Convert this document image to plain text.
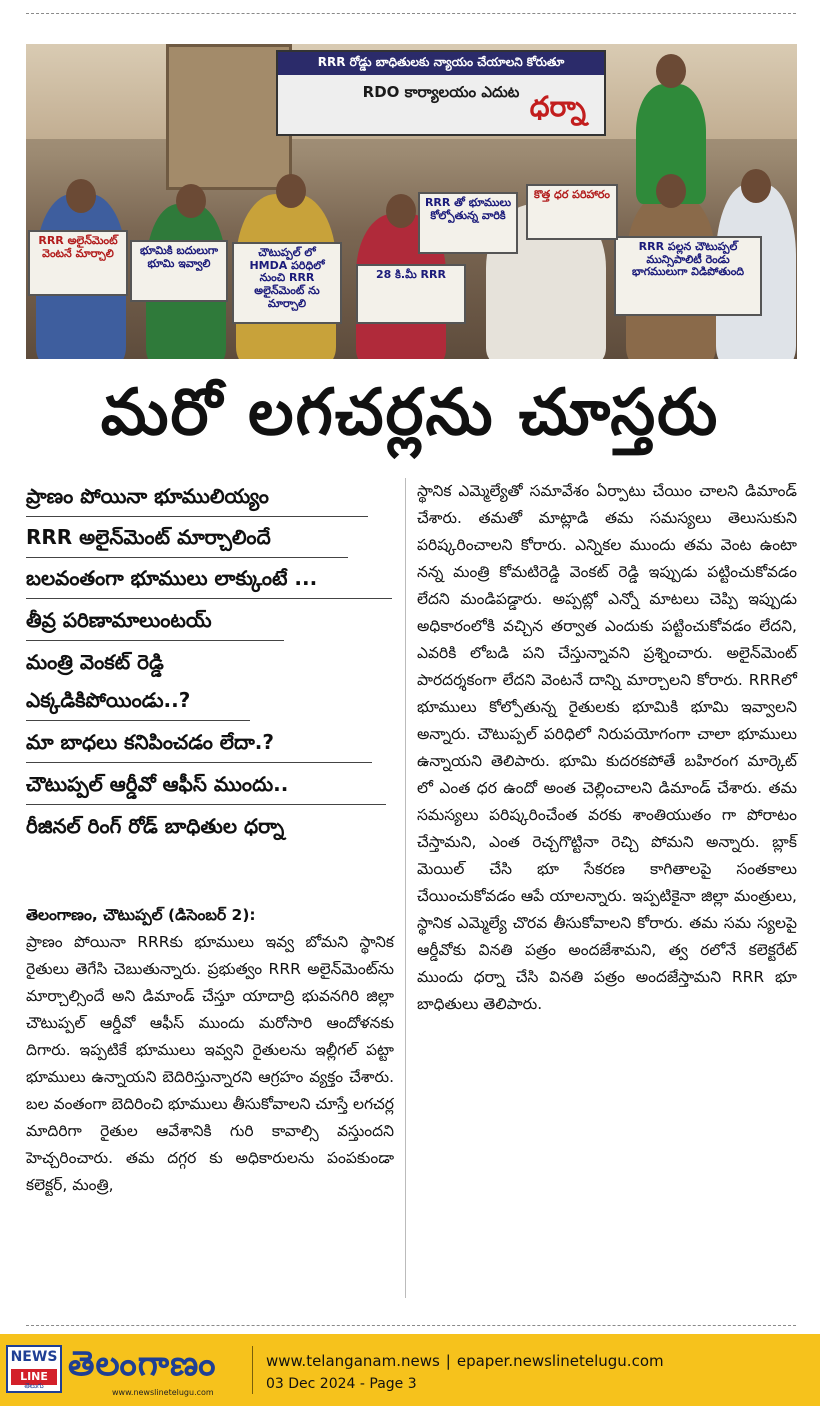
RRR రోడ్డు బాధితులకు న్యాయం చేయాలని కోరుతూ
RDO కార్యాలయం ఎదుట ధర్నా
RRR అలైన్‌మెంట్ వెంటనే మార్చాలి	భూమికి బదులుగా భూమి ఇవ్వాలి
చౌటుప్పల్ లో HMDA పరిధిలో నుంచి RRR అలైన్‌మెంట్ ను మార్చాలి
RRR పల్లన చౌటుప్పల్ మున్సిపాలిటీ రెండు భాగములుగా విడిపోతుంది
28 కి.మీ RRR
RRR తో భూములు కోల్పోతున్న వారికి
కొత్త ధర పరిహారం
మరో లగచర్లను చూస్తరు
ప్రాణం పోయినా భూములియ్యం
RRR అలైన్‌మెంట్ మార్చాలిందే
బలవంతంగా భూములు లాక్కుంటే ...
తీవ్ర పరిణామాలుంటయ్
మంత్రి వెంకట్ రెడ్డి
ఎక్కడికిపోయిండు..?
మా బాధలు కనిపించడం లేదా.?
చౌటుప్పల్ ఆర్డీవో ఆఫీస్ ముందు..
రీజినల్ రింగ్ రోడ్ బాధితుల ధర్నా

తెలంగాణం, చౌటుప్పల్ (డిసెంబర్ 2):
ప్రాణం పోయినా RRRకు భూములు ఇవ్వ బోమని స్థానిక రైతులు తెగేసి చెబుతున్నారు. ప్రభుత్వం RRR అలైన్‌మెంట్‌ను మార్చాల్సిందే అని డిమాండ్ చేస్తూ యాదాద్రి భువనగిరి జిల్లా చౌటుప్పల్ ఆర్డీవో ఆఫీస్ ముందు మరోసారి ఆందోళనకు దిగారు. ఇప్పటికే భూములు ఇవ్వని రైతులను ఇల్లీగల్ పట్టా భూములు ఉన్నాయని బెదిరిస్తున్నారని ఆగ్రహం వ్యక్తం చేశారు. బల వంతంగా బెదిరించి భూములు తీసుకోవాలని చూస్తే లగచర్ల మాదిరిగా రైతుల ఆవేశానికి గురి కావాల్సి వస్తుందని హెచ్చరించారు. తమ దగ్గర కు అధికారులను పంపకుండా కలెక్టర్, మంత్రి,

స్థానిక ఎమ్మెల్యేతో సమావేశం ఏర్పాటు చేయిం చాలని డిమాండ్ చేశారు. తమతో మాట్లాడి తమ సమస్యలు తెలుసుకుని పరిష్కరించాలని కోరారు. ఎన్నికల ముందు తమ వెంట ఉంటా నన్న మంత్రి కోమటిరెడ్డి వెంకట్ రెడ్డి ఇప్పుడు పట్టించుకోవడం లేదని మండిపడ్డారు. అప్పట్లో ఎన్నో మాటలు చెప్పి ఇప్పుడు అధికారంలోకి వచ్చిన తర్వాత ఎందుకు పట్టించుకోవడం లేదని, ఎవరికి లోబడి పని చేస్తున్నావని ప్రశ్నించారు. అలైన్‌మెంట్ పారదర్శకంగా లేదని వెంటనే దాన్ని మార్చాలని కోరారు. RRRలో భూములు కోల్పోతున్న రైతులకు భూమికి భూమి ఇవ్వాలని అన్నారు. చౌటుప్పల్ పరిధిలో నిరుపయోగంగా చాలా భూములు ఉన్నాయని తెలిపారు. భూమి కుదరకపోతే బహిరంగ మార్కెట్ లో ఎంత ధర ఉందో అంత చెల్లించాలని డిమాండ్ చేశారు. తమ సమస్యలు పరిష్కరించేంత వరకు శాంతియుతం గా పోరాటం చేస్తామని, ఎంత రెచ్చగొట్టినా రెచ్చి పోమని అన్నారు. బ్లాక్ మెయిల్ చేసి భూ సేకరణ కాగితాలపై సంతకాలు చేయించుకోవడం ఆపే యాలన్నారు. ఇప్పటికైనా జిల్లా మంత్రులు, స్థానిక ఎమ్మెల్యే చొరవ తీసుకోవాలని కోరారు. తమ సమ స్యలపై ఆర్డీవోకు వినతి పత్రం అందజేశామని, త్వ రలోనే కలెక్టరేట్ ముందు ధర్నా చేసి వినతి పత్రం అందజేస్తామని RRR భూ బాధితులు తెలిపారు.
NEWS
LINE
తెలుగు
తెలంగాణం
www.newslinetelugu.com
www.telanganam.news | epaper.newslinetelugu.com
03 Dec 2024 - Page 3
